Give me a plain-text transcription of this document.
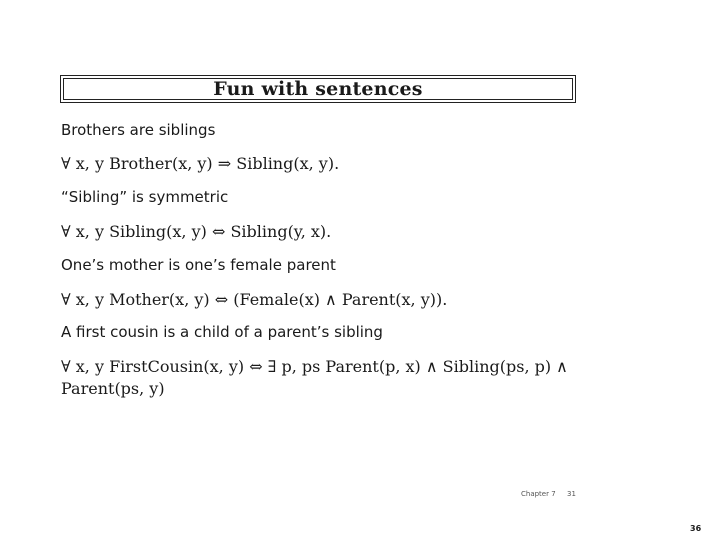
Fun with sentences
Brothers are siblings
∀ x, y Brother(x, y) ⇒ Sibling(x, y).
“Sibling” is symmetric
∀ x, y Sibling(x, y) ⇔ Sibling(y, x).
One’s mother is one’s female parent
∀ x, y Mother(x, y) ⇔ (Female(x) ∧ Parent(x, y)).
A first cousin is a child of a parent’s sibling
∀ x, y FirstCousin(x, y) ⇔ ∃ p, ps Parent(p, x) ∧ Sibling(ps, p) ∧
Parent(ps, y)
Chapter 7 31
36
